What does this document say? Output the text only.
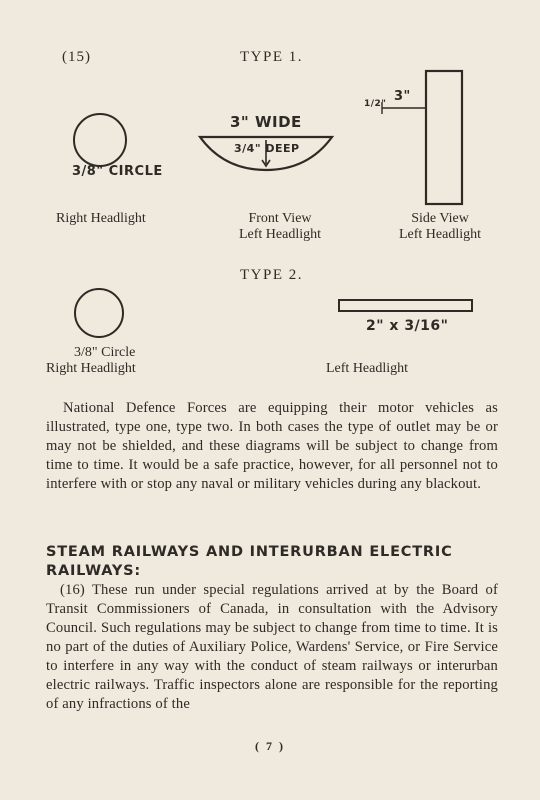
(15)	TYPE 1.
3/8" CIRCLE
3" WIDE
3/4" DEEP
1/2" 3"
Right Headlight	Front View
Left Headlight
Side View
Left Headlight
TYPE 2.
3/8" Circle
Right Headlight
2" x 3/16"
Left Headlight

National Defence Forces are equipping their motor vehicles as illustrated, type one, type two. In both cases the type of outlet may be or may not be shielded, and these diagrams will be subject to change from time to time. It would be a safe practice, however, for all personnel not to interfere with or stop any naval or military vehicles during any blackout.

STEAM RAILWAYS AND INTERURBAN ELECTRIC RAILWAYS:

(16) These run under special regulations arrived at by the Board of Transit Commissioners of Canada, in consultation with the Advisory Council. Such regulations may be subject to change from time to time. It is no part of the duties of Auxiliary Police, Wardens' Service, or Fire Service to interfere in any way with the conduct of steam railways or interurban electric railways. Traffic inspectors alone are responsible for the reporting of any infractions of the

( 7 )
